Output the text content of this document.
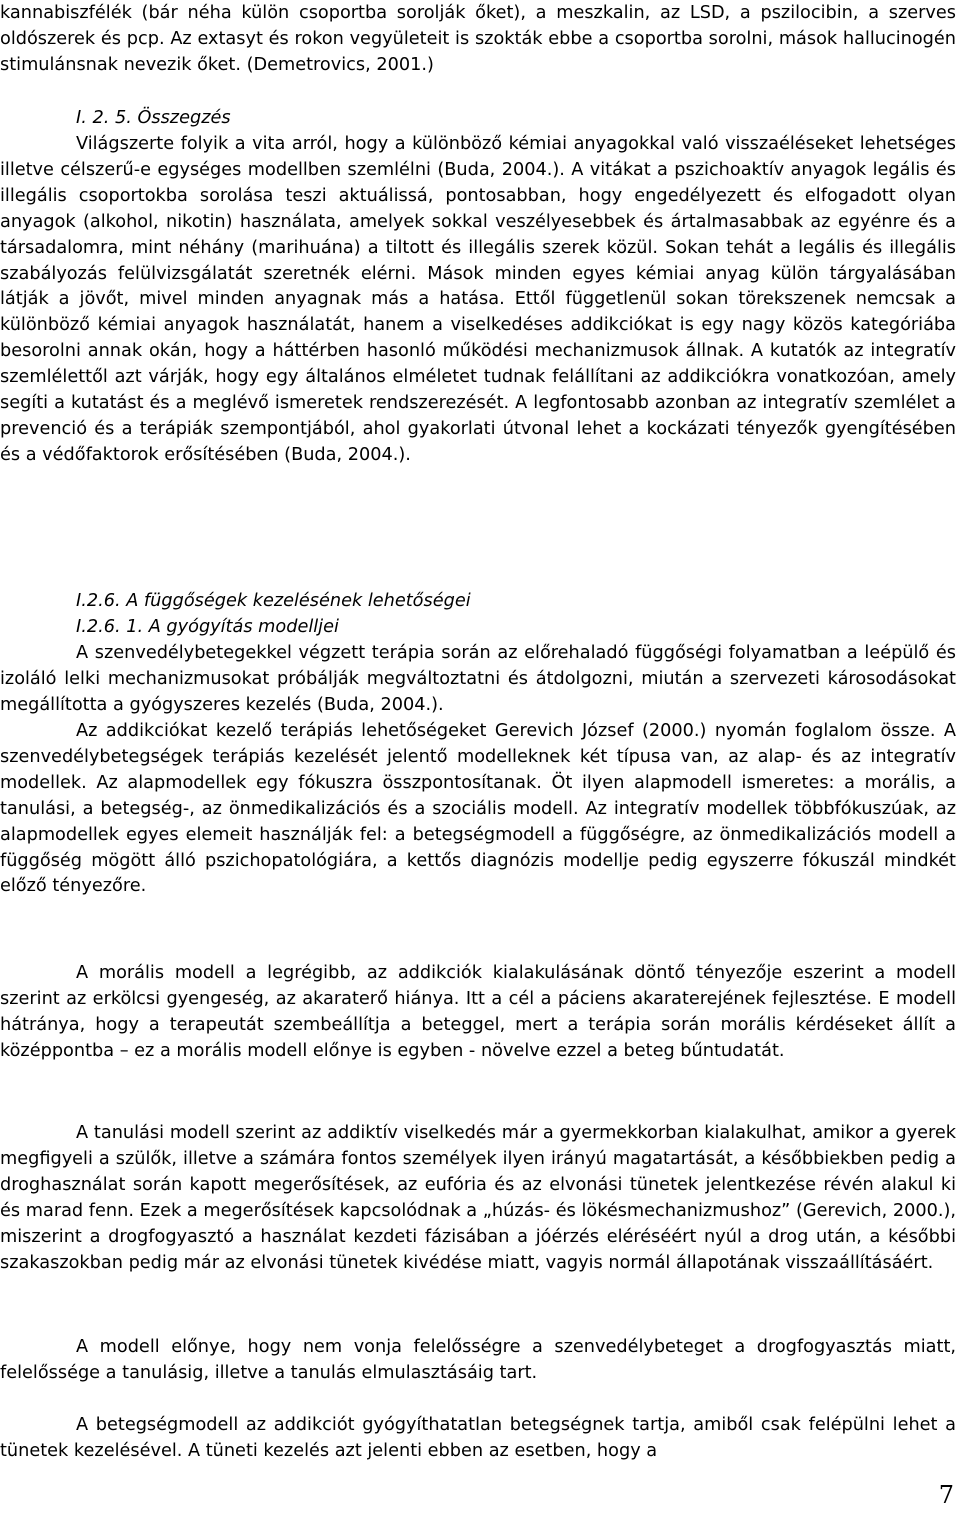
kannabiszfélék (bár néha külön csoportba sorolják őket), a meszkalin, az LSD, a pszilocibin, a szerves oldószerek és pcp. Az extasyt és rokon vegyületeit is szokták ebbe a csoportba sorolni, mások hallucinogén stimulánsnak nevezik őket. (Demetrovics, 2001.)

I. 2. 5. Összegzés

Világszerte folyik a vita arról, hogy a különböző kémiai anyagokkal való visszaéléseket lehetséges illetve célszerű-e egységes modellben szemlélni (Buda, 2004.). A vitákat a pszichoaktív anyagok legális és illegális csoportokba sorolása teszi aktuálissá, pontosabban, hogy engedélyezett és elfogadott olyan anyagok (alkohol, nikotin) használata, amelyek sokkal veszélyesebbek és ártalmasabbak az egyénre és a társadalomra, mint néhány (marihuána) a tiltott és illegális szerek közül. Sokan tehát a legális és illegális szabályozás felülvizsgálatát szeretnék elérni. Mások minden egyes kémiai anyag külön tárgyalásában látják a jövőt, mivel minden anyagnak más a hatása. Ettől függetlenül sokan törekszenek nemcsak a különböző kémiai anyagok használatát, hanem a viselkedéses addikciókat is egy nagy közös kategóriába besorolni annak okán, hogy a háttérben hasonló működési mechanizmusok állnak. A kutatók az integratív szemlélettől azt várják, hogy egy általános elméletet tudnak felállítani az addikciókra vonatkozóan, amely segíti a kutatást és a meglévő ismeretek rendszerezését. A legfontosabb azonban az integratív szemlélet a prevenció és a terápiák szempontjából, ahol gyakorlati útvonal lehet a kockázati tényezők gyengítésében és a védőfaktorok erősítésében (Buda, 2004.).

I.2.6. A függőségek kezelésének lehetőségei

I.2.6. 1. A gyógyítás modelljei

A szenvedélybetegekkel végzett terápia során az előrehaladó függőségi folyamatban a leépülő és izoláló lelki mechanizmusokat próbálják megváltoztatni és átdolgozni, miután a szervezeti károsodásokat megállította a gyógyszeres kezelés (Buda, 2004.).

Az addikciókat kezelő terápiás lehetőségeket Gerevich József (2000.) nyomán foglalom össze. A szenvedélybetegségek terápiás kezelését jelentő modelleknek két típusa van, az alap- és az integratív modellek. Az alapmodellek egy fókuszra összpontosítanak. Öt ilyen alapmodell ismeretes: a morális, a tanulási, a betegség-, az önmedikalizációs és a szociális modell. Az integratív modellek többfókuszúak, az alapmodellek egyes elemeit használják fel: a betegségmodell a függőségre, az önmedikalizációs modell a függőség mögött álló pszichopatológiára, a kettős diagnózis modellje pedig egyszerre fókuszál mindkét előző tényezőre.

A morális modell a legrégibb, az addikciók kialakulásának döntő tényezője eszerint a modell szerint az erkölcsi gyengeség, az akaraterő hiánya. Itt a cél a páciens akaraterejének fejlesztése. E modell hátránya, hogy a terapeutát szembeállítja a beteggel, mert a terápia során morális kérdéseket állít a középpontba – ez a morális modell előnye is egyben - növelve ezzel a beteg bűntudatát.

A tanulási modell szerint az addiktív viselkedés már a gyermekkorban kialakulhat, amikor a gyerek megfigyeli a szülők, illetve a számára fontos személyek ilyen irányú magatartását, a későbbiekben pedig a droghasználat során kapott megerősítések, az eufória és az elvonási tünetek jelentkezése révén alakul ki és marad fenn. Ezek a megerősítések kapcsolódnak a „húzás- és lökésmechanizmushoz” (Gerevich, 2000.), miszerint a drogfogyasztó a használat kezdeti fázisában a jóérzés eléréséért nyúl a drog után, a későbbi szakaszokban pedig már az elvonási tünetek kivédése miatt, vagyis normál állapotának visszaállításáért.

A modell előnye, hogy nem vonja felelősségre a szenvedélybeteget a drogfogyasztás miatt, felelőssége a tanulásig, illetve a tanulás elmulasztásáig tart.

A betegségmodell az addikciót gyógyíthatatlan betegségnek tartja, amiből csak felépülni lehet a tünetek kezelésével. A tüneti kezelés azt jelenti ebben az esetben, hogy a

7
